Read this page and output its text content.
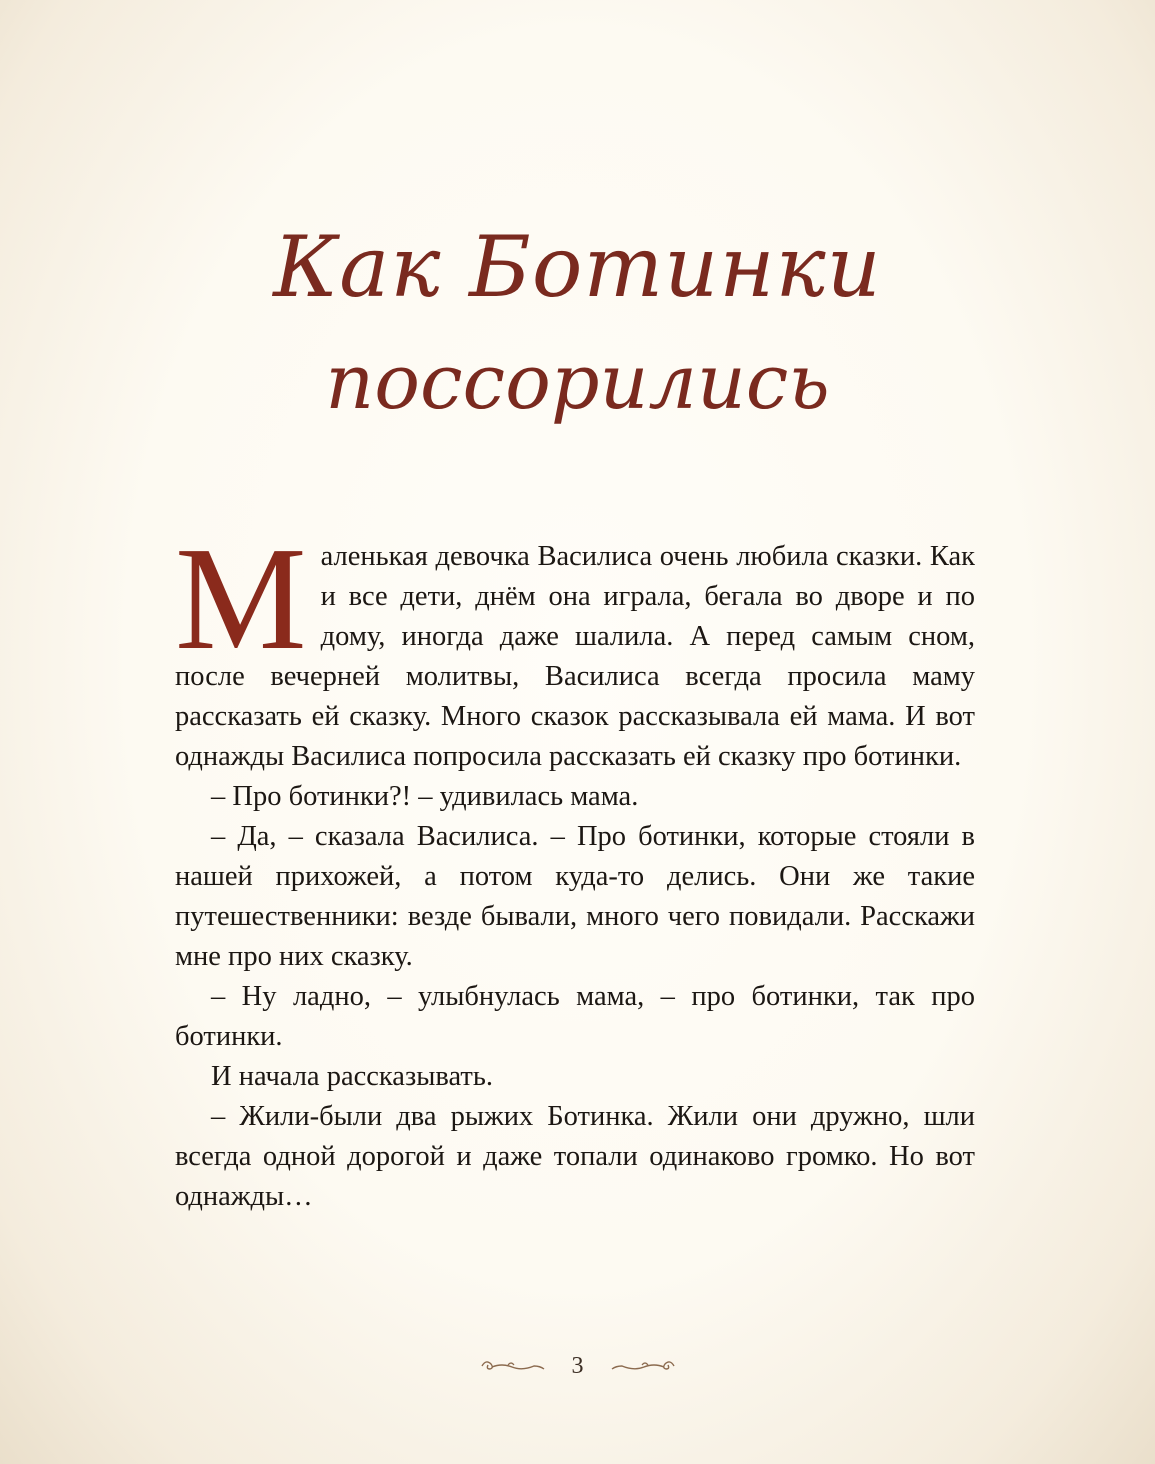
Как Ботинки
поссорились

Маленькая девочка Василиса очень любила сказки. Как и все дети, днём она играла, бегала во дворе и по дому, иногда даже шалила. А перед самым сном, после вечерней молитвы, Василиса всегда просила маму рассказать ей сказку. Много сказок рассказывала ей мама. И вот однажды Василиса попросила рассказать ей сказку про ботинки.

– Про ботинки?! – удивилась мама.

– Да, – сказала Василиса. – Про ботинки, которые стояли в нашей прихожей, а потом куда-то делись. Они же такие путешественники: везде бывали, много чего повидали. Расскажи мне про них сказку.

– Ну ладно, – улыбнулась мама, – про ботинки, так про ботинки.

И начала рассказывать.

– Жили-были два рыжих Ботинка. Жили они дружно, шли всегда одной дорогой и даже топали одинаково громко. Но вот однажды…

3
